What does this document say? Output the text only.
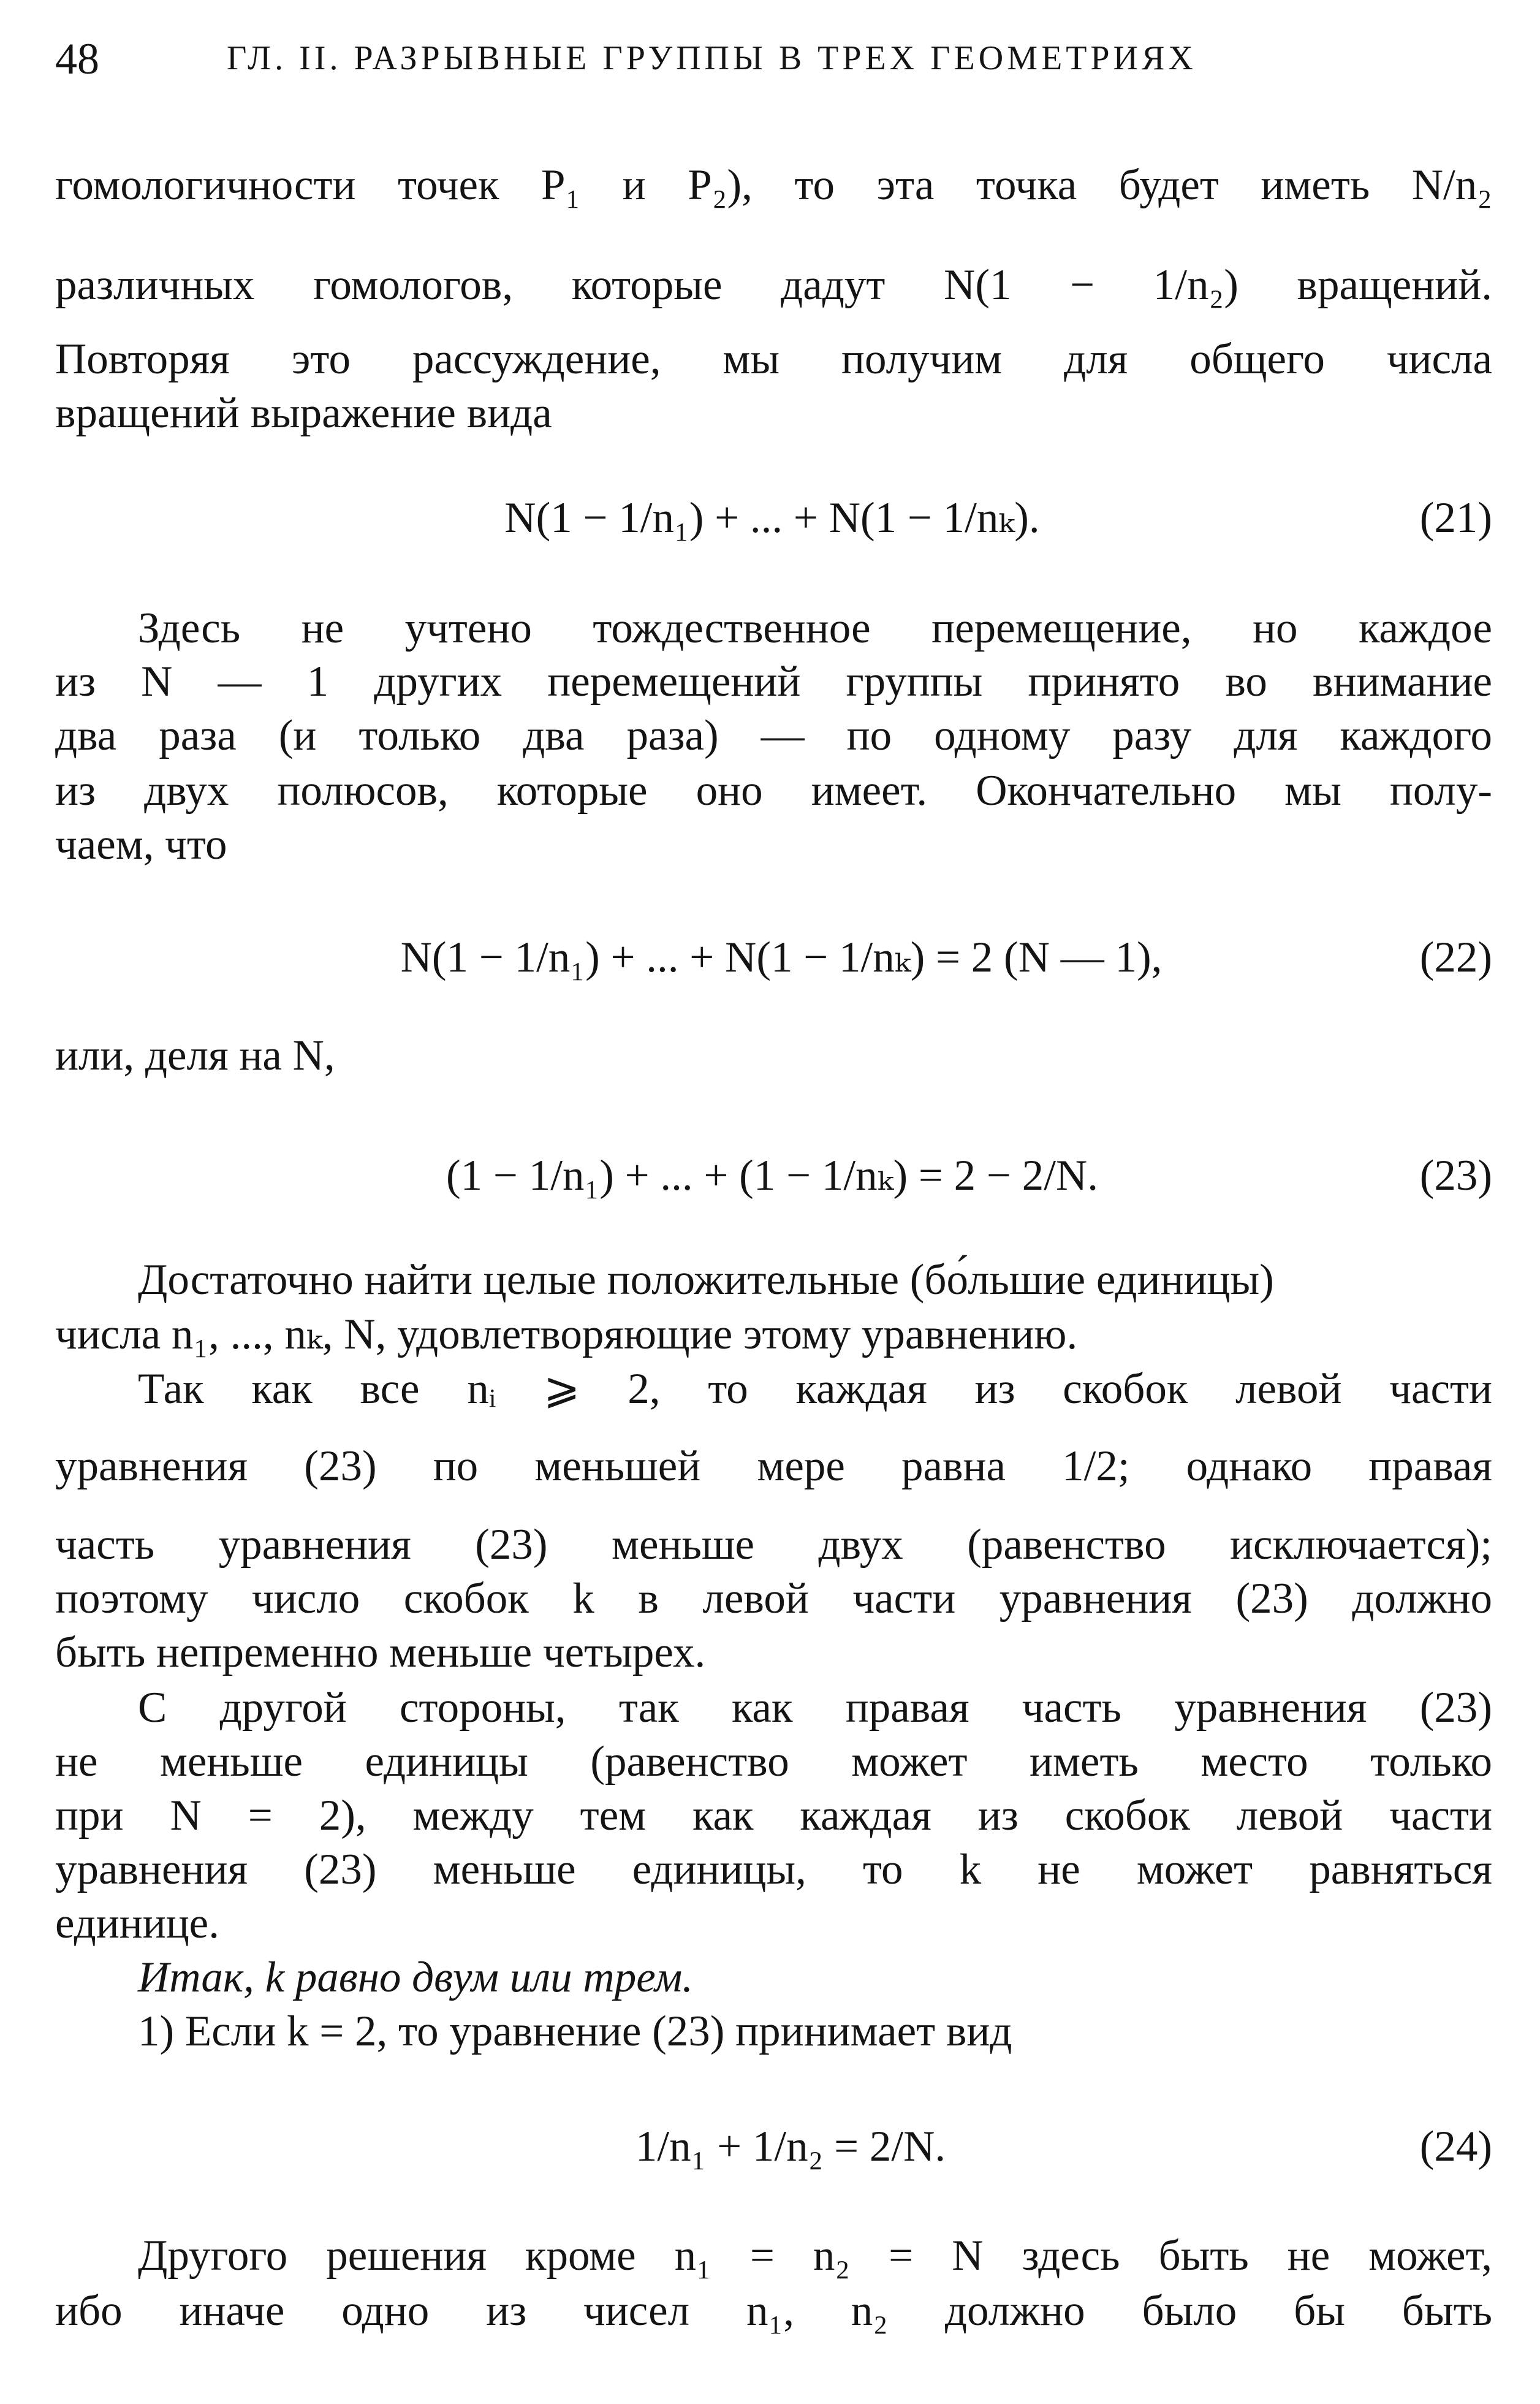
48	ГЛ. II. РАЗРЫВНЫЕ ГРУППЫ В ТРЕХ ГЕОМЕТРИЯХ
гомологичности точек P₁ и P₂), то эта точка будет иметь N/n₂
различных гомологов, которые дадут N(1 − 1/n₂) вращений.
Повторяя это рассуждение, мы получим для общего числа
вращений выражение вида
N(1 − 1/n₁) + ... + N(1 − 1/nₖ).	(21)
Здесь не учтено тождественное перемещение, но каждое
из N — 1 других перемещений группы принято во внимание
два раза (и только два раза) — по одному разу для каждого
из двух полюсов, которые оно имеет. Окончательно мы полу-
чаем, что
N(1 − 1/n₁) + ... + N(1 − 1/nₖ) = 2 (N — 1),	(22)
или, деля на N,
(1 − 1/n₁) + ... + (1 − 1/nₖ) = 2 − 2/N.	(23)
Достаточно найти целые положительные (бо́льшие единицы)
числа n₁, ..., nₖ, N, удовлетворяющие этому уравнению.
Так как все nᵢ ⩾ 2, то каждая из скобок левой части
уравнения (23) по меньшей мере равна 1/2; однако правая
часть уравнения (23) меньше двух (равенство исключается);
поэтому число скобок k в левой части уравнения (23) должно
быть непременно меньше четырех.
С другой стороны, так как правая часть уравнения (23)
не меньше единицы (равенство может иметь место только
при N = 2), между тем как каждая из скобок левой части
уравнения (23) меньше единицы, то k не может равняться
единице.
Итак, k равно двум или трем.
1) Если k = 2, то уравнение (23) принимает вид
1/n₁ + 1/n₂ = 2/N.	(24)
Другого решения кроме n₁ = n₂ = N здесь быть не может,
ибо иначе одно из чисел n₁, n₂ должно было бы быть
